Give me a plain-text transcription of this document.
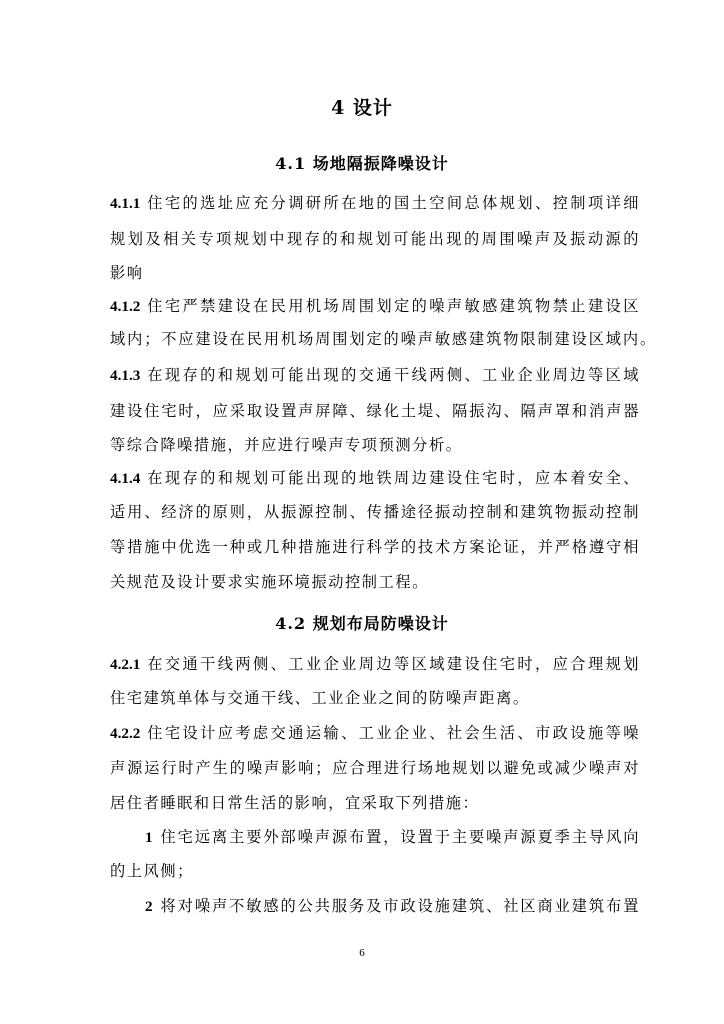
4 设计
4.1 场地隔振降噪设计
4.1.1 住宅的选址应充分调研所在地的国土空间总体规划、控制项详细
规划及相关专项规划中现存的和规划可能出现的周围噪声及振动源的
影响
4.1.2 住宅严禁建设在民用机场周围划定的噪声敏感建筑物禁止建设区
域内；不应建设在民用机场周围划定的噪声敏感建筑物限制建设区域内。
4.1.3 在现存的和规划可能出现的交通干线两侧、工业企业周边等区域
建设住宅时，应采取设置声屏障、绿化土堤、隔振沟、隔声罩和消声器
等综合降噪措施，并应进行噪声专项预测分析。
4.1.4 在现存的和规划可能出现的地铁周边建设住宅时，应本着安全、
适用、经济的原则，从振源控制、传播途径振动控制和建筑物振动控制
等措施中优选一种或几种措施进行科学的技术方案论证，并严格遵守相
关规范及设计要求实施环境振动控制工程。
4.2 规划布局防噪设计
4.2.1 在交通干线两侧、工业企业周边等区域建设住宅时，应合理规划
住宅建筑单体与交通干线、工业企业之间的防噪声距离。
4.2.2 住宅设计应考虑交通运输、工业企业、社会生活、市政设施等噪
声源运行时产生的噪声影响；应合理进行场地规划以避免或减少噪声对
居住者睡眠和日常生活的影响，宜采取下列措施：
1 住宅远离主要外部噪声源布置，设置于主要噪声源夏季主导风向
的上风侧；
2 将对噪声不敏感的公共服务及市政设施建筑、社区商业建筑布置
6
